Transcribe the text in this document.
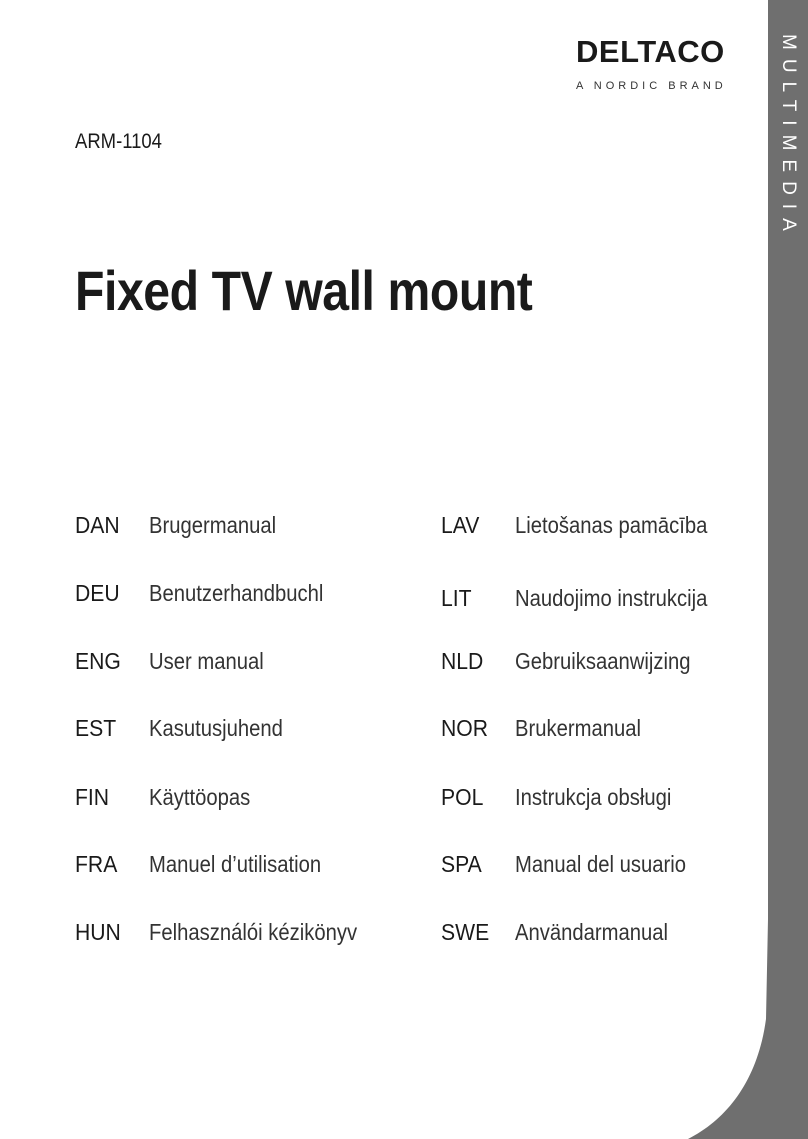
MULTIMEDIA
DELTACO
A NORDIC BRAND
ARM-1104
Fixed TV wall mount
DAN	Brugermanual
DEU	Benutzerhandbuchl
ENG	User manual
EST	Kasutusjuhend
FIN	Käyttöopas
FRA	Manuel d’utilisation
HUN	Felhasználói kézikönyv
LAV	Lietošanas pamācība
LIT	Naudojimo instrukcija
NLD	Gebruiksaanwijzing
NOR	Brukermanual
POL	Instrukcja obsługi
SPA	Manual del usuario
SWE	Användarmanual
